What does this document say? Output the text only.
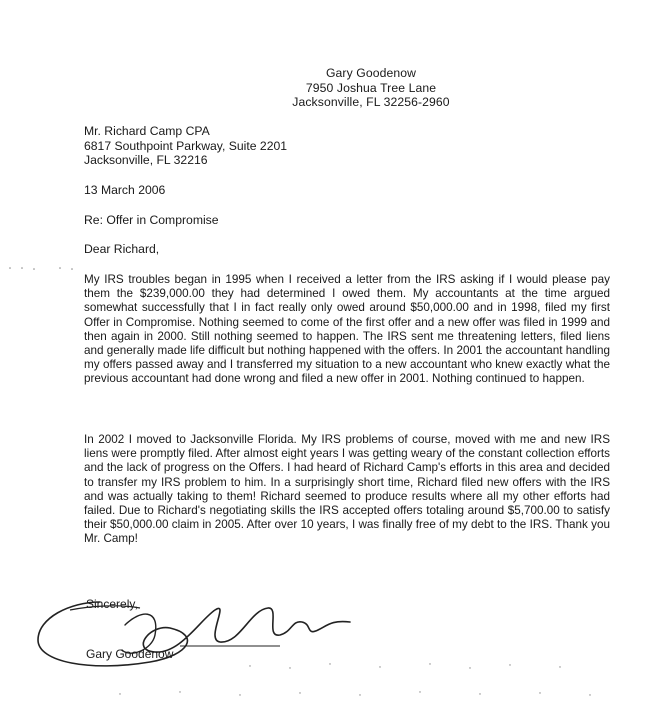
Gary Goodenow
7950 Joshua Tree Lane
Jacksonville, FL 32256-2960
Mr. Richard Camp CPA
6817 Southpoint Parkway, Suite 2201
Jacksonville, FL 32216
13 March 2006
Re: Offer in Compromise
Dear Richard,
My IRS troubles began in 1995 when I received a letter from the IRS asking if I would please pay them the $239,000.00 they had determined I owed them. My accountants at the time argued somewhat successfully that I in fact really only owed around $50,000.00 and in 1998, filed my first Offer in Compromise. Nothing seemed to come of the first offer and a new offer was filed in 1999 and then again in 2000. Still nothing seemed to happen. The IRS sent me threatening letters, filed liens and generally made life difficult but nothing happened with the offers. In 2001 the accountant handling my offers passed away and I transferred my situation to a new accountant who knew exactly what the previous accountant had done wrong and filed a new offer in 2001. Nothing continued to happen.
In 2002 I moved to Jacksonville Florida. My IRS problems of course, moved with me and new IRS liens were promptly filed. After almost eight years I was getting weary of the constant collection efforts and the lack of progress on the Offers. I had heard of Richard Camp's efforts in this area and decided to transfer my IRS problem to him. In a surprisingly short time, Richard filed new offers with the IRS and was actually taking to them! Richard seemed to produce results where all my other efforts had failed. Due to Richard's negotiating skills the IRS accepted offers totaling around $5,700.00 to satisfy their $50,000.00 claim in 2005. After over 10 years, I was finally free of my debt to the IRS. Thank you Mr. Camp!
Sincerely,
Gary Goodenow
